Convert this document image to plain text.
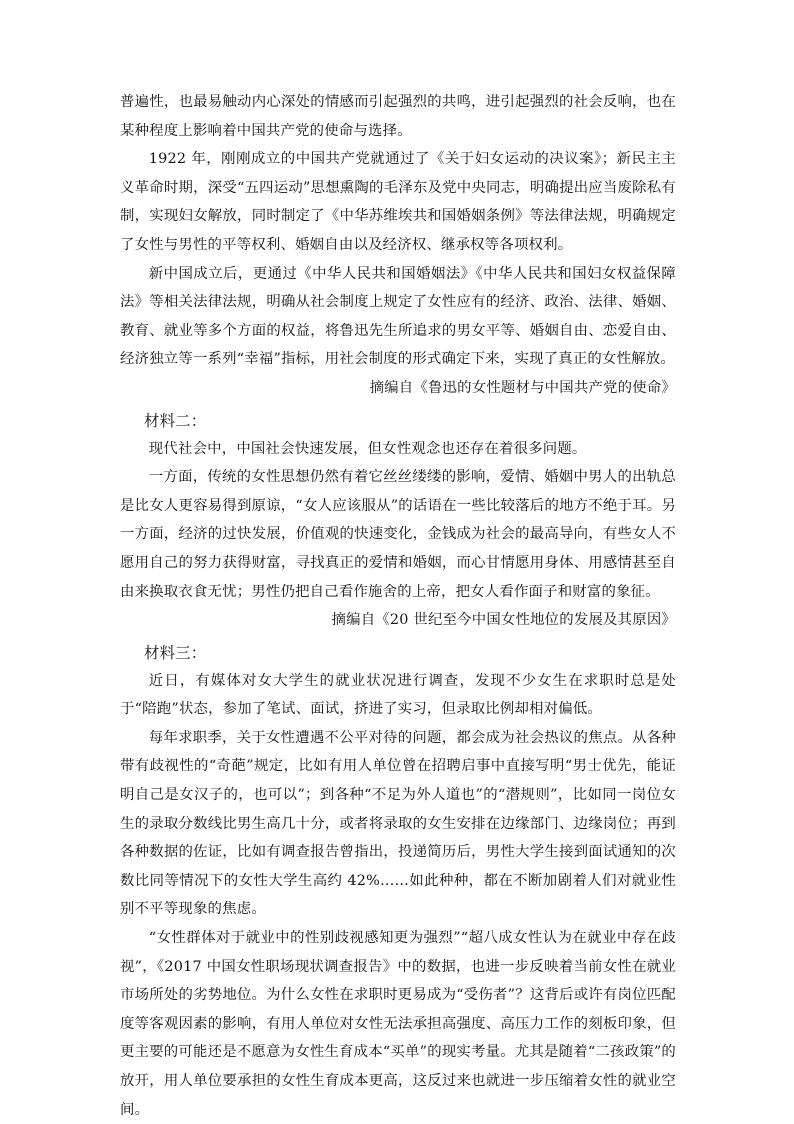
普遍性，也最易触动内心深处的情感而引起强烈的共鸣，进引起强烈的社会反响，也在某种程度上影响着中国共产党的使命与选择。

1922 年，刚刚成立的中国共产党就通过了《关于妇女运动的决议案》；新民主主义革命时期，深受“五四运动”思想熏陶的毛泽东及党中央同志，明确提出应当废除私有制，实现妇女解放，同时制定了《中华苏维埃共和国婚姻条例》等法律法规，明确规定了女性与男性的平等权利、婚姻自由以及经济权、继承权等各项权利。

新中国成立后，更通过《中华人民共和国婚姻法》《中华人民共和国妇女权益保障法》等相关法律法规，明确从社会制度上规定了女性应有的经济、政治、法律、婚姻、教育、就业等多个方面的权益，将鲁迅先生所追求的男女平等、婚姻自由、恋爱自由、经济独立等一系列“幸福”指标，用社会制度的形式确定下来，实现了真正的女性解放。

摘编自《鲁迅的女性题材与中国共产党的使命》

材料二：

现代社会中，中国社会快速发展，但女性观念也还存在着很多问题。

一方面，传统的女性思想仍然有着它丝丝缕缕的影响，爱情、婚姻中男人的出轨总是比女人更容易得到原谅，“女人应该服从”的话语在一些比较落后的地方不绝于耳。另一方面，经济的过快发展，价值观的快速变化，金钱成为社会的最高导向，有些女人不愿用自己的努力获得财富，寻找真正的爱情和婚姻，而心甘情愿用身体、用感情甚至自由来换取衣食无忧；男性仍把自己看作施舍的上帝，把女人看作面子和财富的象征。

摘编自《20 世纪至今中国女性地位的发展及其原因》

材料三：

近日，有媒体对女大学生的就业状况进行调查，发现不少女生在求职时总是处于“陪跑”状态，参加了笔试、面试，挤进了实习，但录取比例却相对偏低。

每年求职季，关于女性遭遇不公平对待的问题，都会成为社会热议的焦点。从各种带有歧视性的“奇葩”规定，比如有用人单位曾在招聘启事中直接写明“男士优先，能证明自己是女汉子的，也可以”；到各种“不足为外人道也”的“潜规则”，比如同一岗位女生的录取分数线比男生高几十分，或者将录取的女生安排在边缘部门、边缘岗位；再到各种数据的佐证，比如有调查报告曾指出，投递简历后，男性大学生接到面试通知的次数比同等情况下的女性大学生高约 42%……如此种种，都在不断加剧着人们对就业性别不平等现象的焦虑。

“女性群体对于就业中的性别歧视感知更为强烈”“超八成女性认为在就业中存在歧视”，《2017 中国女性职场现状调查报告》中的数据，也进一步反映着当前女性在就业市场所处的劣势地位。为什么女性在求职时更易成为“受伤者”？这背后或许有岗位匹配度等客观因素的影响，有用人单位对女性无法承担高强度、高压力工作的刻板印象，但更主要的可能还是不愿意为女性生育成本“买单”的现实考量。尤其是随着“二孩政策”的放开，用人单位要承担的女性生育成本更高，这反过来也就进一步压缩着女性的就业空间。
